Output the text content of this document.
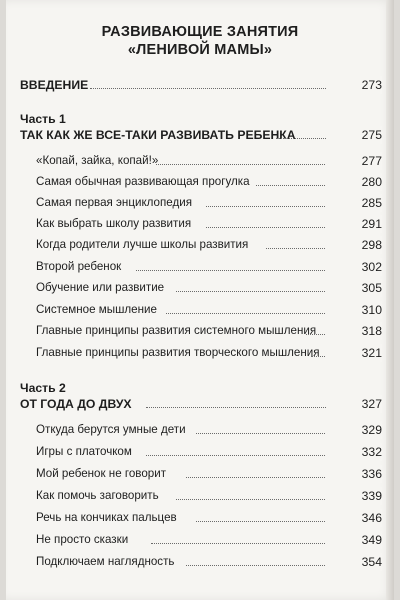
РАЗВИВАЮЩИЕ ЗАНЯТИЯ
«ЛЕНИВОЙ МАМЫ»
ВВЕДЕНИЕ	273
Часть 1
ТАК КАК ЖЕ ВСЕ-ТАКИ РАЗВИВАТЬ РЕБЕНКА	275
«Копай, зайка, копай!»	277
Самая обычная развивающая прогулка	280
Самая первая энциклопедия	285
Как выбрать школу развития	291
Когда родители лучше школы развития	298
Второй ребенок	302
Обучение или развитие	305
Системное мышление	310
Главные принципы развития системного мышления	318
Главные принципы развития творческого мышления	321
Часть 2
ОТ ГОДА ДО ДВУХ	327
Откуда берутся умные дети	329
Игры с платочком	332
Мой ребенок не говорит	336
Как помочь заговорить	339
Речь на кончиках пальцев	346
Не просто сказки	349
Подключаем наглядность	354
